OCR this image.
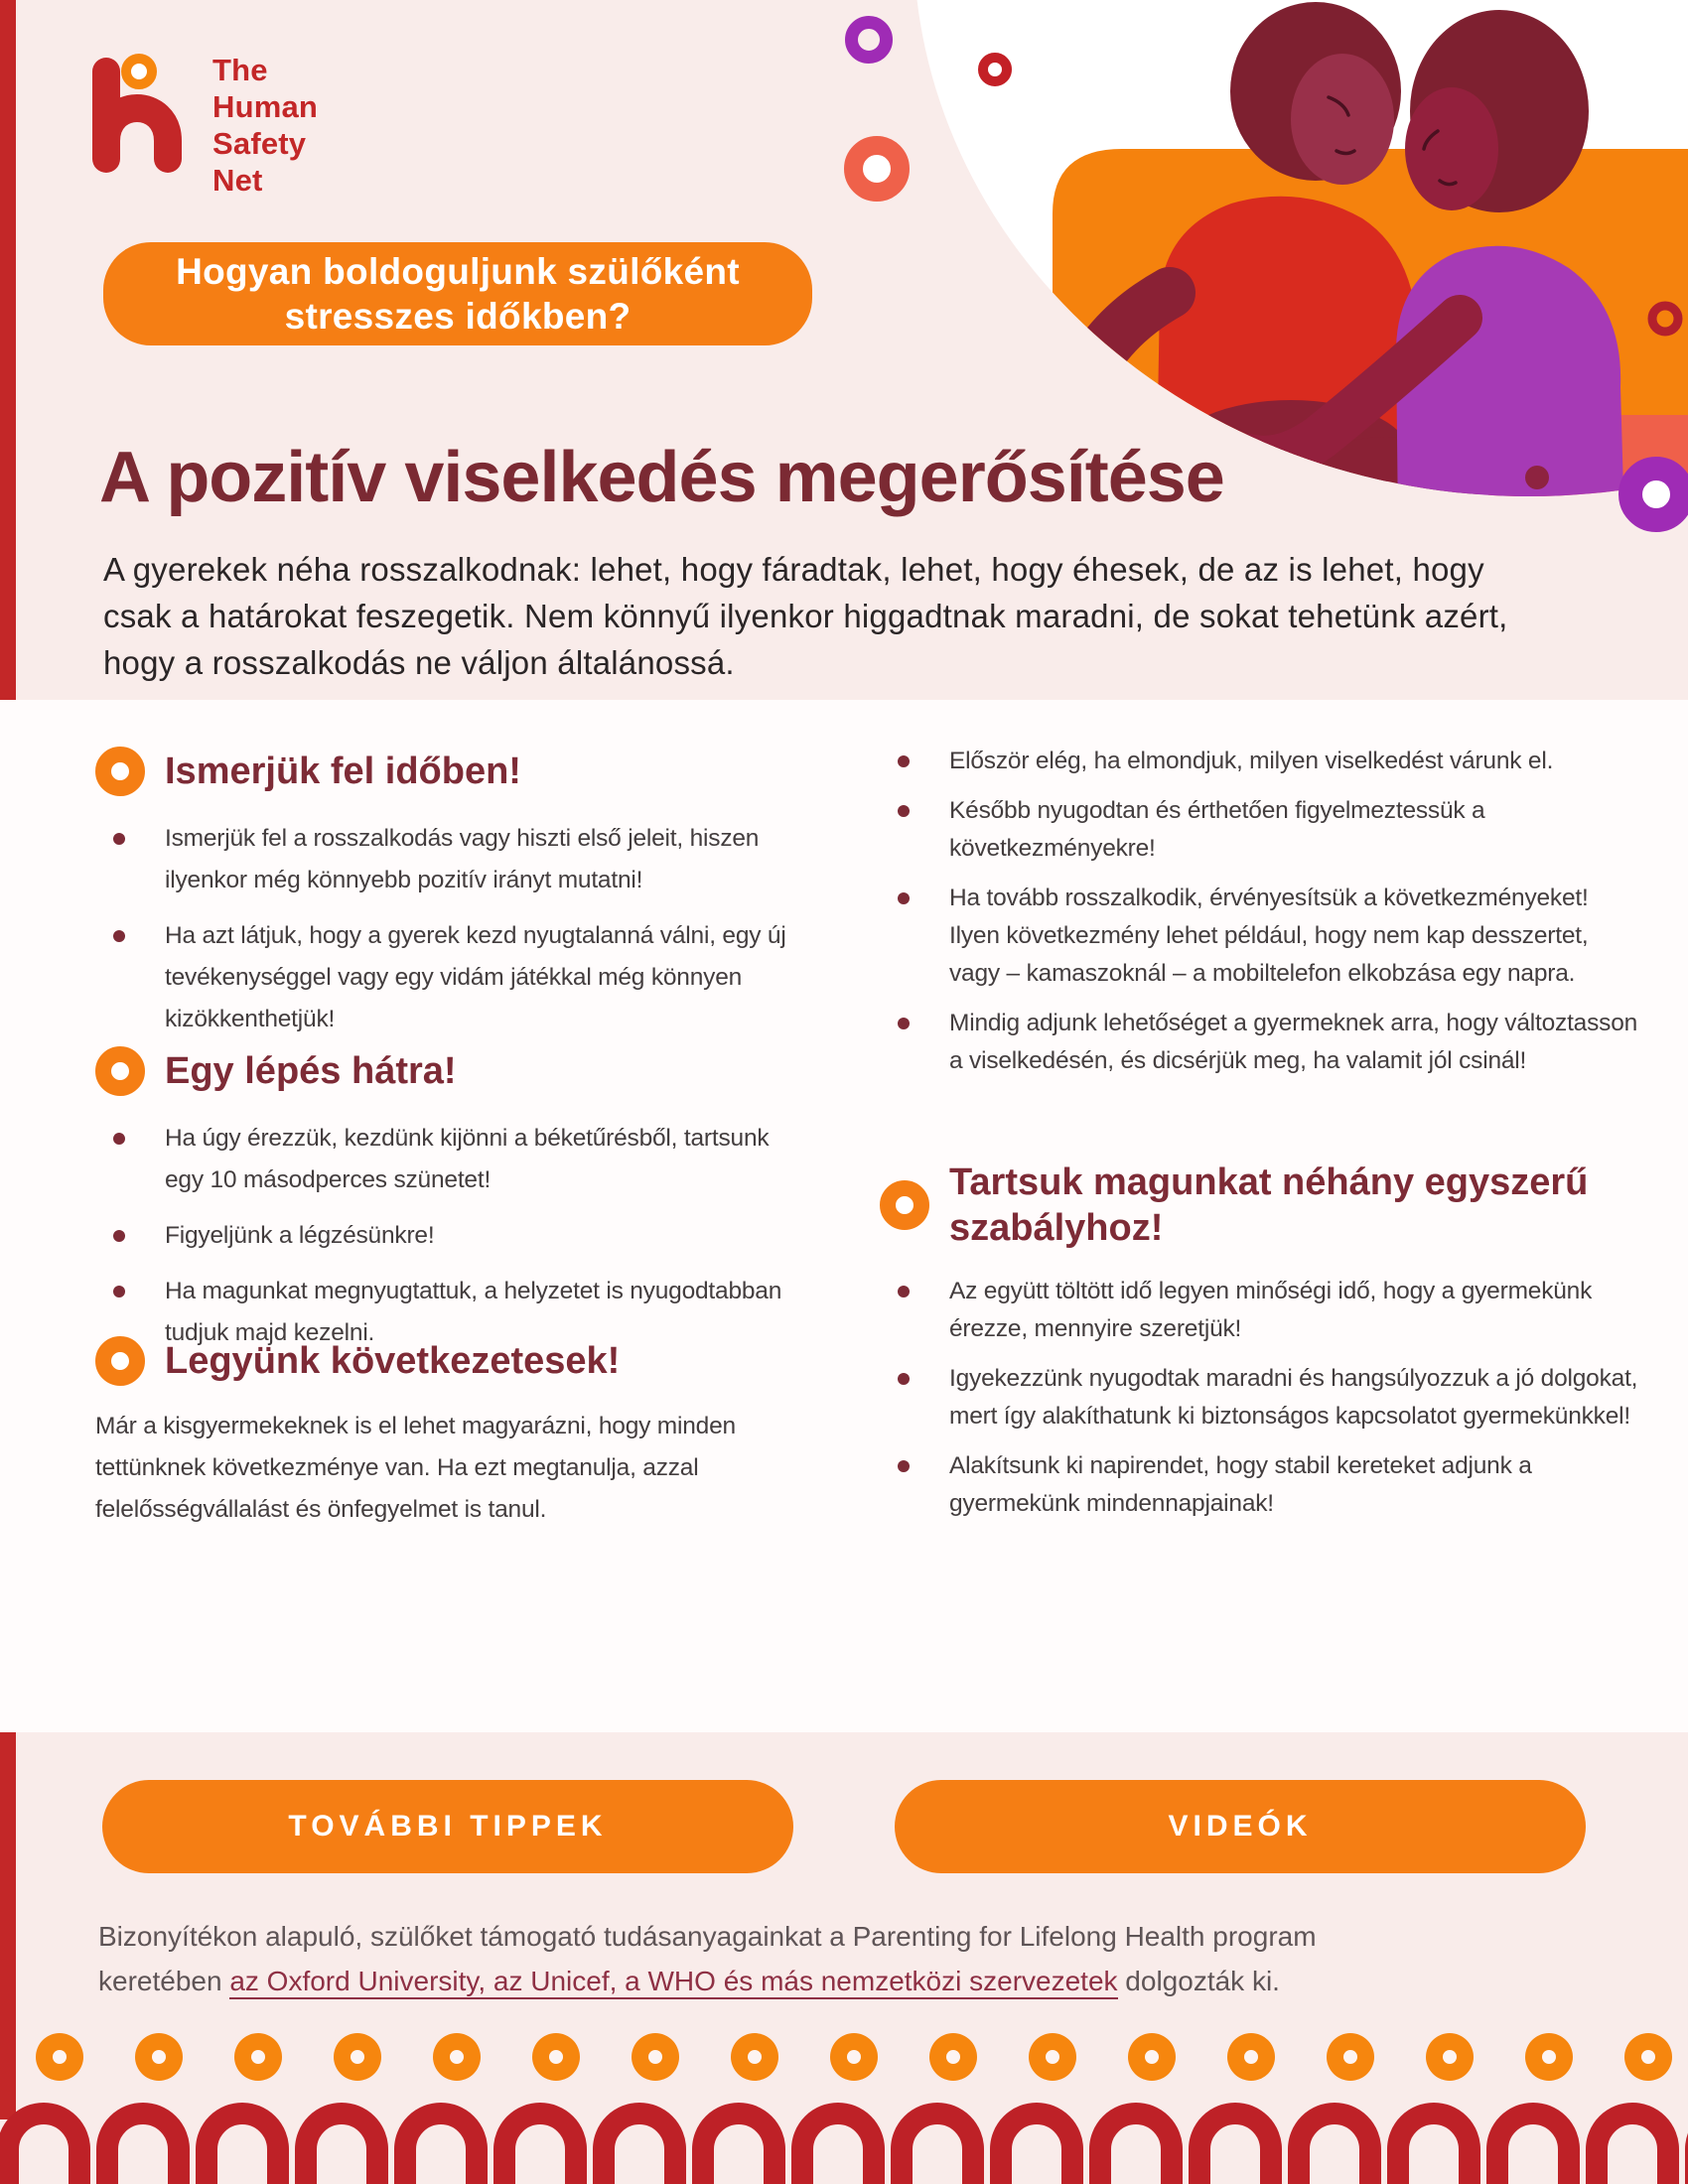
The
Human
Safety
Net
Hogyan boldoguljunk szülőként
stresszes időkben?
A pozitív viselkedés megerősítése

A gyerekek néha rosszalkodnak: lehet, hogy fáradtak, lehet, hogy éhesek, de az is lehet, hogy csak a határokat feszegetik. Nem könnyű ilyenkor higgadtnak maradni, de sokat tehetünk azért, hogy a rosszalkodás ne váljon általánossá.

Ismerjük fel időben!
Ismerjük fel a rosszalkodás vagy hiszti első jeleit, hiszen ilyenkor még könnyebb pozitív irányt mutatni!
Ha azt látjuk, hogy a gyerek kezd nyugtalanná válni, egy új tevékenységgel vagy egy vidám játékkal még könnyen kizökkenthetjük!
Egy lépés hátra!
Ha úgy érezzük, kezdünk kijönni a béketűrésből, tartsunk egy 10 másodperces szünetet!
Figyeljünk a légzésünkre!
Ha magunkat megnyugtattuk, a helyzetet is nyugodtabban tudjuk majd kezelni.
Legyünk következetesek!

Már a kisgyermekeknek is el lehet magyarázni, hogy minden tettünknek következménye van. Ha ezt megtanulja, azzal felelősségvállalást és önfegyelmet is tanul.

Először elég, ha elmondjuk, milyen viselkedést várunk el.
Később nyugodtan és érthetően figyelmeztessük a következményekre!
Ha tovább rosszalkodik, érvényesítsük a következményeket! Ilyen következmény lehet például, hogy nem kap desszertet, vagy – kamaszoknál – a mobiltelefon elkobzása egy napra.
Mindig adjunk lehetőséget a gyermeknek arra, hogy változtasson a viselkedésén, és dicsérjük meg, ha valamit jól csinál!
Tartsuk magunkat néhány egyszerű szabályhoz!
Az együtt töltött idő legyen minőségi idő, hogy a gyermekünk érezze, mennyire szeretjük!
Igyekezzünk nyugodtak maradni és hangsúlyozzuk a jó dolgokat, mert így alakíthatunk ki biztonságos kapcsolatot gyermekünkkel!
Alakítsunk ki napirendet, hogy stabil kereteket adjunk a gyermekünk mindennapjainak!
TOVÁBBI TIPPEK	VIDEÓK
Bizonyítékon alapuló, szülőket támogató tudásanyagainkat a Parenting for Lifelong Health program
keretében az Oxford University, az Unicef, a WHO és más nemzetközi szervezetek dolgozták ki.
